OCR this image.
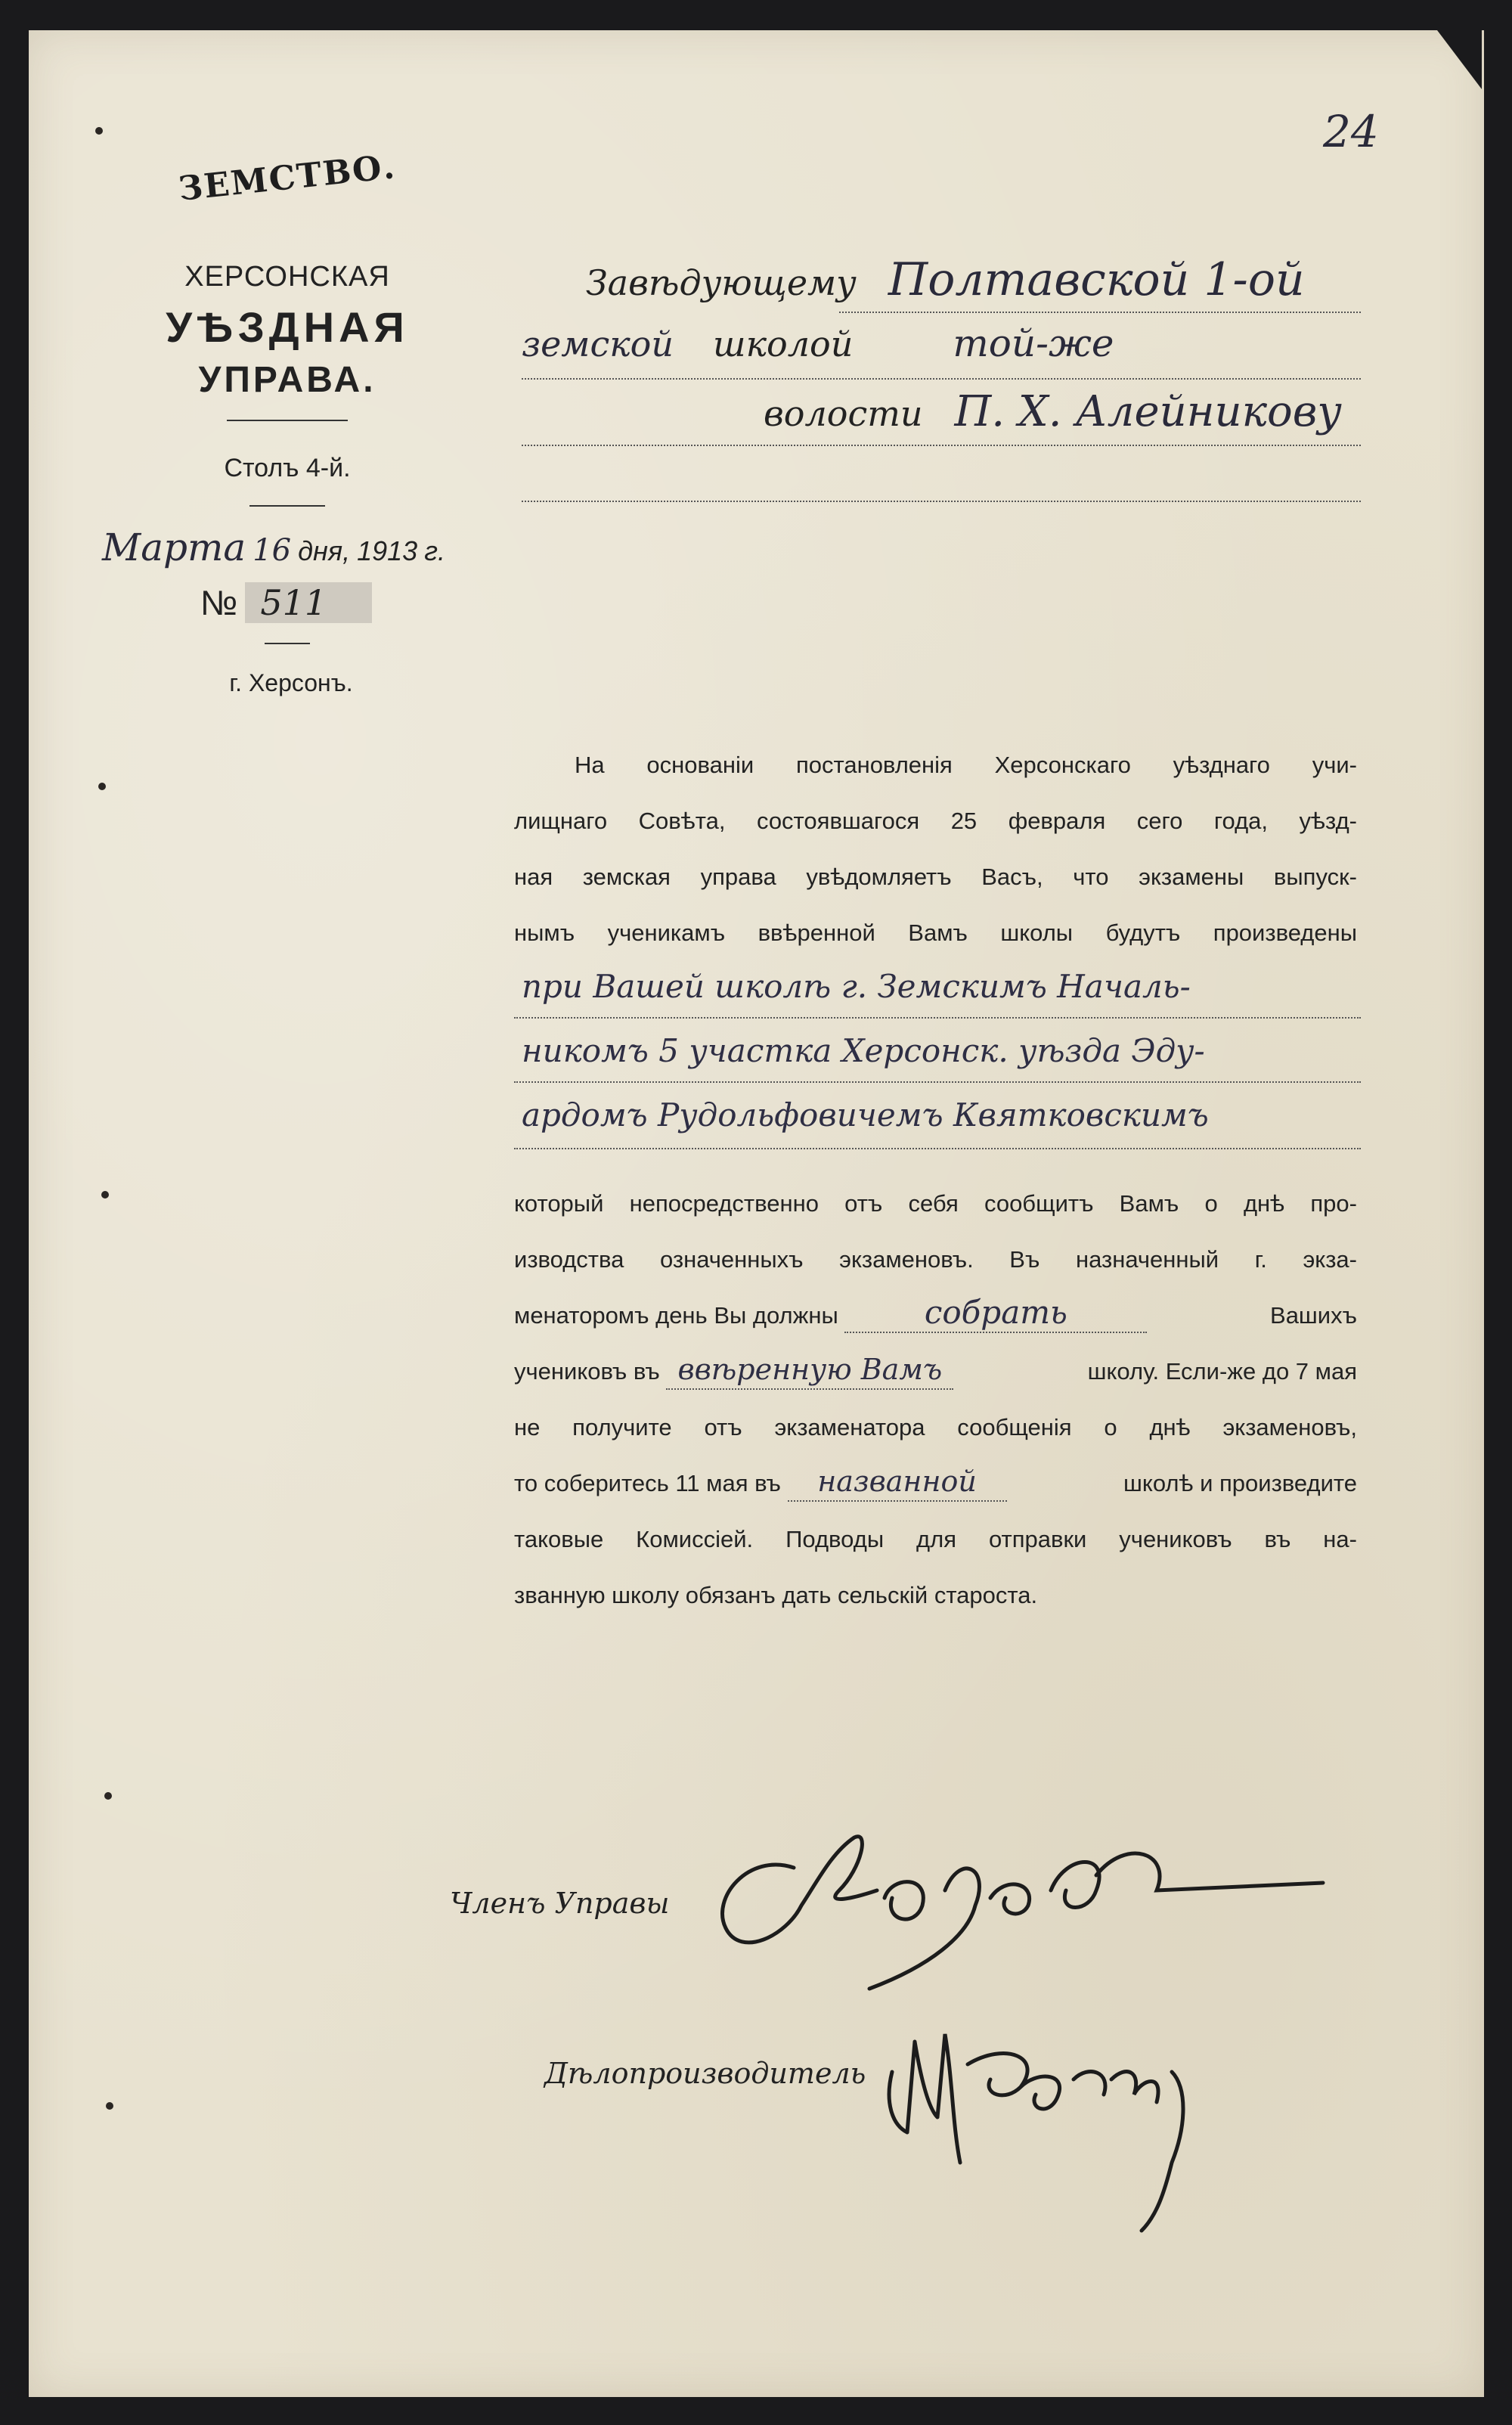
24
ЗЕМСТВО.
ХЕРСОНСКАЯ
УѢЗДНАЯ
УПРАВА.
Столъ 4-й.
Марта 16 дня, 1913 г.
№ 511
г. Херсонъ.
Завѣдующему Полтавской 1-ой
земской школой	той-же
волости П. Х. Алейникову
На основаніи постановленія Херсонскаго уѣзднаго учи-
лищнаго Совѣта, состоявшагося 25 февраля сего года, уѣзд-
ная земская управа увѣдомляетъ Васъ, что экзамены выпуск-
нымъ ученикамъ ввѣренной Вамъ школы будутъ произведены
при Вашей школѣ г. Земскимъ Началь-
никомъ 5 участка Херсонск. уѣзда Эду-
ардомъ Рудольфовичемъ Квятковскимъ
который непосредственно отъ себя сообщитъ Вамъ о днѣ про-
изводства означенныхъ экзаменовъ. Въ назначенный г. экза-
менаторомъ день Вы должны	собрать	Вашихъ
учениковъ въ ввѣренную Вамъ	школу. Если-же до 7 мая
не получите отъ экзаменатора сообщенія о днѣ экзаменовъ,
то соберитесь 11 мая въ названной	школѣ и произведите
таковые Комиссіей. Подводы для отправки учениковъ въ на-
званную школу обязанъ дать сельскій староста.
Членъ Управы
Дѣлопроизводитель
